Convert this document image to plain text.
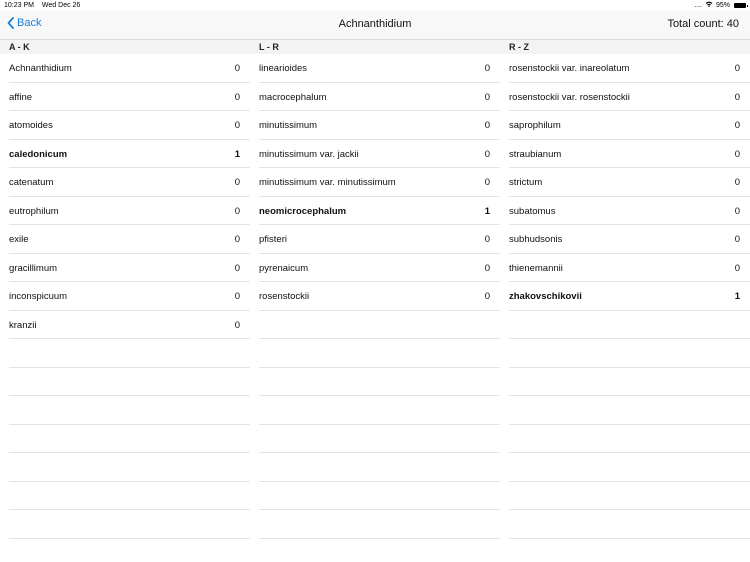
10:23 PM Wed Dec 26	.... 95%
Back	Achnanthidium	Total count: 40
A - K
Achnanthidium	0
affine	0
atomoides	0
caledonicum	1
catenatum	0
eutrophilum	0
exile	0
gracillimum	0
inconspicuum	0
kranzii	0
L - R
linearioides	0
macrocephalum	0
minutissimum	0
minutissimum var. jackii	0
minutissimum var. minutissimum	0
neomicrocephalum	1
pfisteri	0
pyrenaicum	0
rosenstockii	0
R - Z
rosenstockii var. inareolatum	0
rosenstockii var. rosenstockii	0
saprophilum	0
straubianum	0
strictum	0
subatomus	0
subhudsonis	0
thienemannii	0
zhakovschikovii	1
